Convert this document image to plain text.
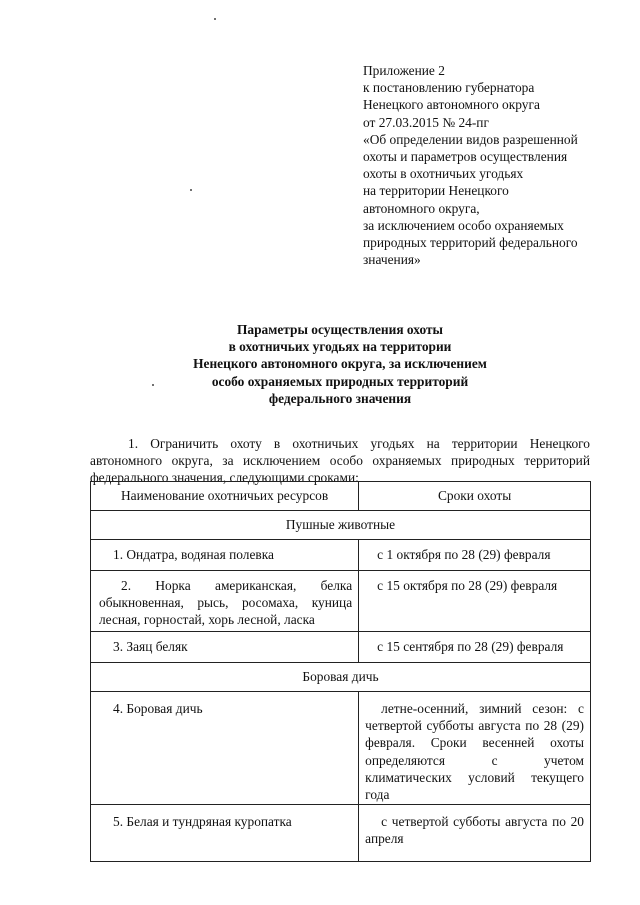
Приложение 2
к постановлению губернатора
Ненецкого автономного округа
от 27.03.2015 № 24-пг
«Об определении видов разрешенной
охоты и параметров осуществления
охоты в охотничьих угодьях
на территории Ненецкого
автономного округа,
за исключением особо охраняемых
природных территорий федерального
значения»
Параметры осуществления охоты
в охотничьих угодьях на территории
Ненецкого автономного округа, за исключением
особо охраняемых природных территорий
федерального значения
1. Ограничить охоту в охотничьих угодьях на территории Ненецкого автономного округа, за исключением особо охраняемых природных территорий федерального значения, следующими сроками:
Наименование охотничьих ресурсов	Сроки охоты
Пушные животные	
1. Ондатра, водяная полевка	с 1 октября по 28 (29) февраля
2. Норка американская, белка обыкновенная, рысь, росомаха, куница лесная, горностай, хорь лесной, ласка	с 15 октября по 28 (29) февраля
3. Заяц беляк	с 15 сентября по 28 (29) февраля
Боровая дичь	
4. Боровая дичь	летне-осенний, зимний сезон: с четвертой субботы августа по 28 (29) февраля. Сроки весенней охоты определяются с учетом климатических условий текущего года
5. Белая и тундряная куропатка	с четвертой субботы августа по 20 апреля
